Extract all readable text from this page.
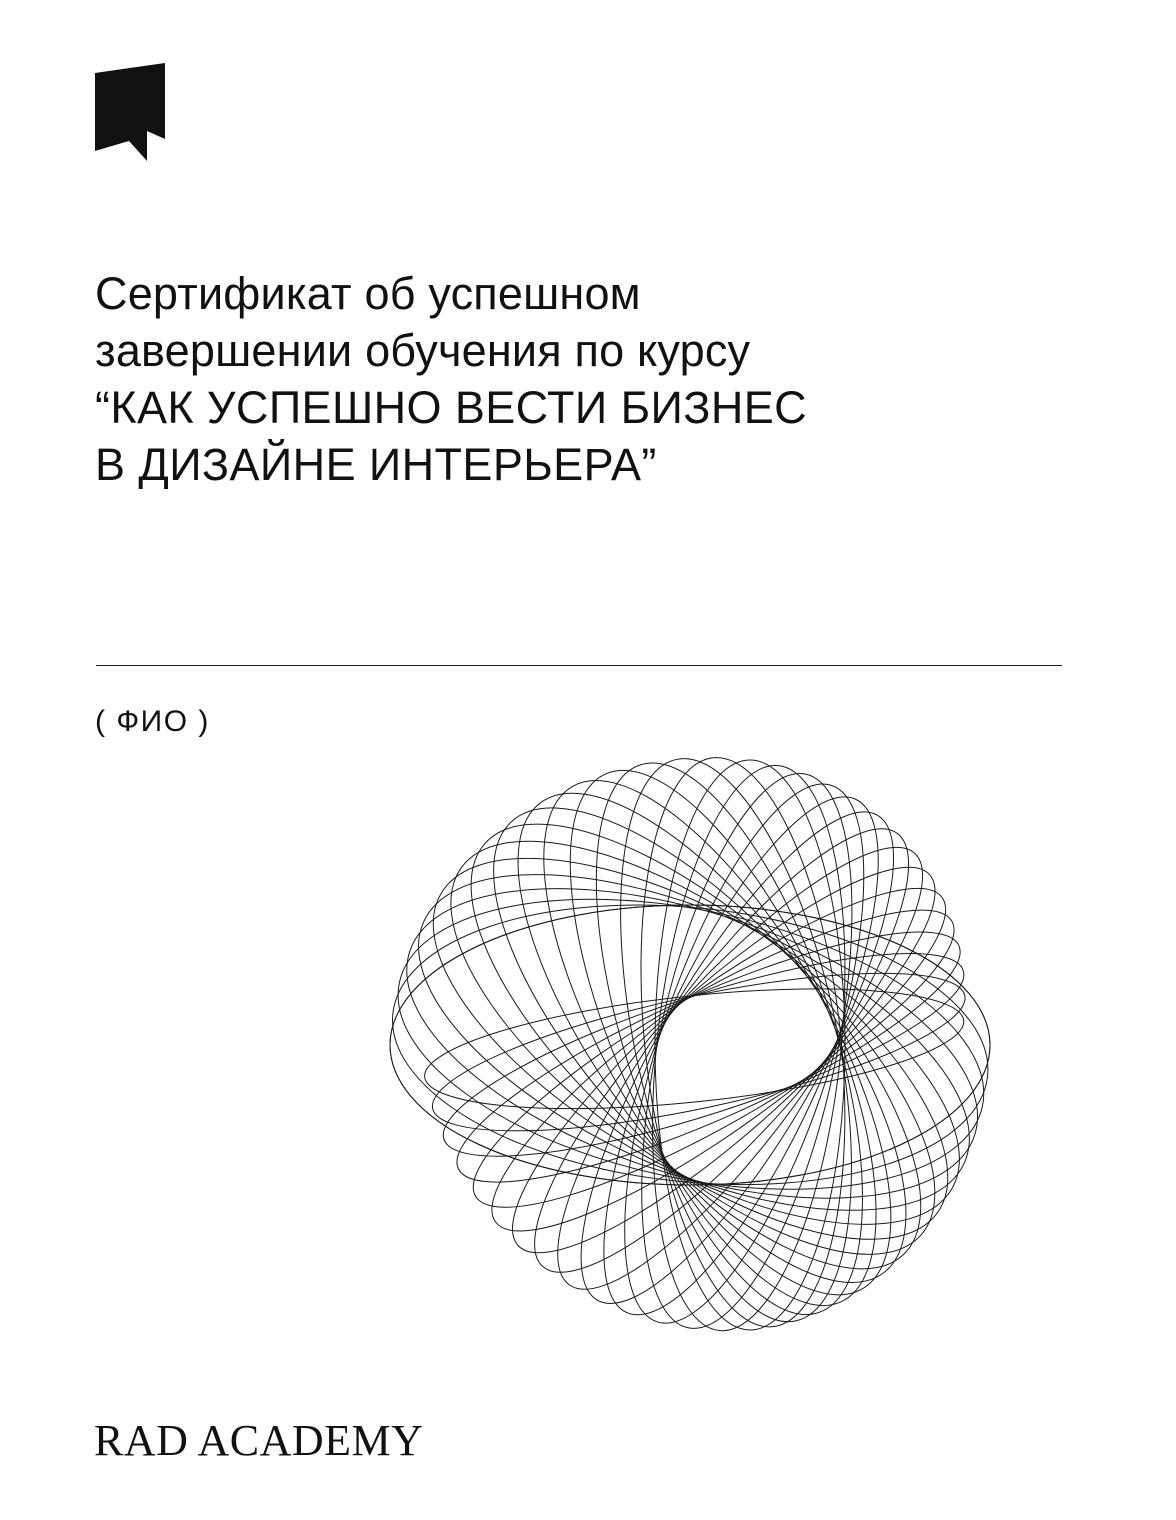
Сертификат об успешном
завершении обучения по курсу
“КАК УСПЕШНО ВЕСТИ БИЗНЕС
В ДИЗАЙНЕ ИНТЕРЬЕРА”
( ФИО )
RAD ACADEMY
